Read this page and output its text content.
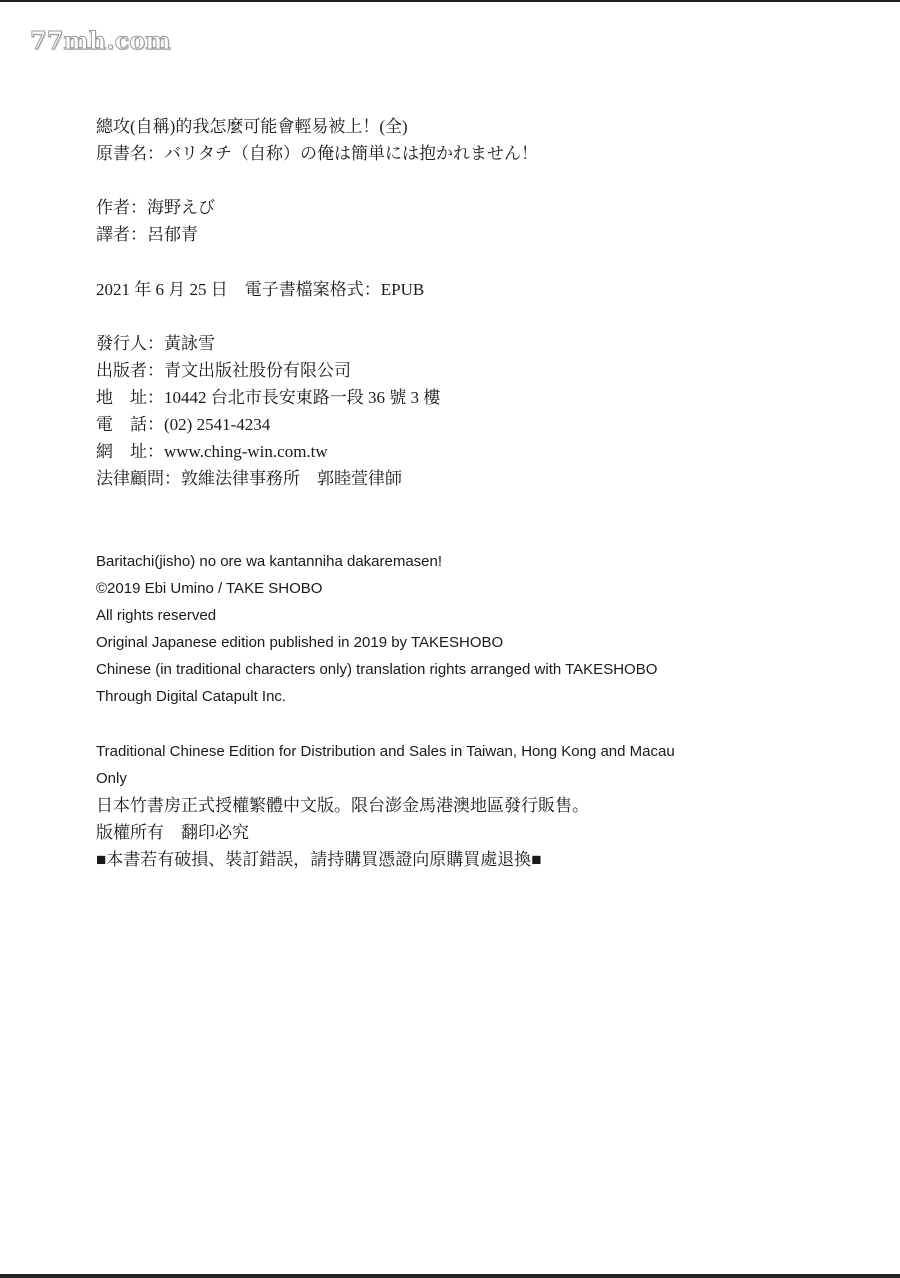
77mh.com
總攻(自稱)的我怎麼可能會輕易被上！(全)
原書名：バリタチ（自称）の俺は簡単には抱かれません！
作者：海野えび
譯者：呂郁青
2021 年 6 月 25 日　電子書檔案格式：EPUB
發行人：黃詠雪
出版者：青文出版社股份有限公司
地　址：10442 台北市長安東路一段 36 號 3 樓
電　話：(02) 2541-4234
網　址：www.ching-win.com.tw
法律顧問：敦維法律事務所　郭睦萱律師
Baritachi(jisho) no ore wa kantanniha dakaremasen!
©2019 Ebi Umino / TAKE SHOBO
All rights reserved
Original Japanese edition published in 2019 by TAKESHOBO
Chinese (in traditional characters only) translation rights arranged with TAKESHOBO
Through Digital Catapult Inc.
Traditional Chinese Edition for Distribution and Sales in Taiwan, Hong Kong and Macau
Only
日本竹書房正式授權繁體中文版。限台澎金馬港澳地區發行販售。
版權所有　翻印必究
■本書若有破損、裝訂錯誤，請持購買憑證向原購買處退換■
